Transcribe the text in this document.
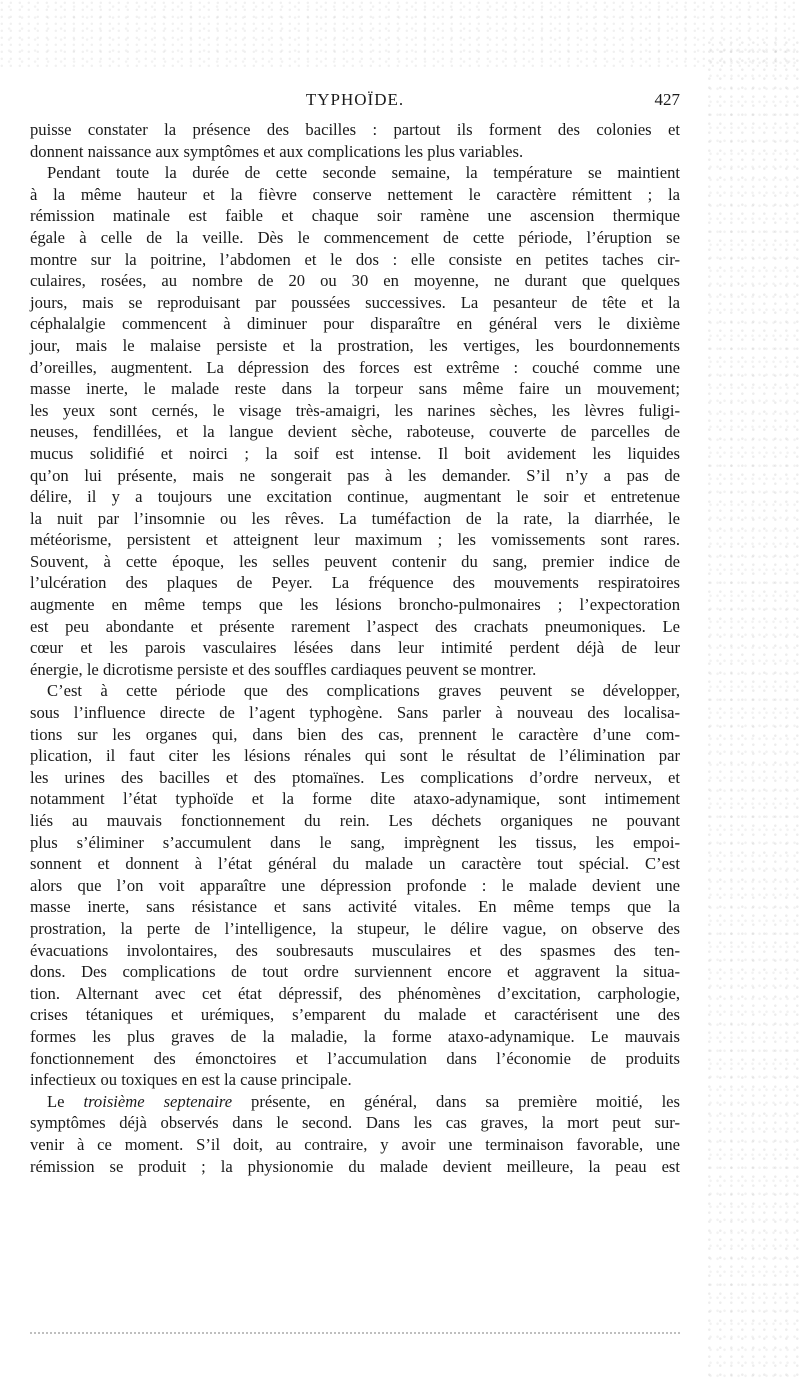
TYPHOÏDE.	427
puisse constater la présence des bacilles : partout ils forment des colonies et
donnent naissance aux symptômes et aux complications les plus variables.
Pendant toute la durée de cette seconde semaine, la température se maintient
à la même hauteur et la fièvre conserve nettement le caractère rémittent ; la
rémission matinale est faible et chaque soir ramène une ascension thermique
égale à celle de la veille. Dès le commencement de cette période, l’éruption se
montre sur la poitrine, l’abdomen et le dos : elle consiste en petites taches cir-
culaires, rosées, au nombre de 20 ou 30 en moyenne, ne durant que quelques
jours, mais se reproduisant par poussées successives. La pesanteur de tête et la
céphalalgie commencent à diminuer pour disparaître en général vers le dixième
jour, mais le malaise persiste et la prostration, les vertiges, les bourdonnements
d’oreilles, augmentent. La dépression des forces est extrême : couché comme une
masse inerte, le malade reste dans la torpeur sans même faire un mouvement;
les yeux sont cernés, le visage très-amaigri, les narines sèches, les lèvres fuligi-
neuses, fendillées, et la langue devient sèche, raboteuse, couverte de parcelles de
mucus solidifié et noirci ; la soif est intense. Il boit avidement les liquides
qu’on lui présente, mais ne songerait pas à les demander. S’il n’y a pas de
délire, il y a toujours une excitation continue, augmentant le soir et entretenue
la nuit par l’insomnie ou les rêves. La tuméfaction de la rate, la diarrhée, le
météorisme, persistent et atteignent leur maximum ; les vomissements sont rares.
Souvent, à cette époque, les selles peuvent contenir du sang, premier indice de
l’ulcération des plaques de Peyer. La fréquence des mouvements respiratoires
augmente en même temps que les lésions broncho-pulmonaires ; l’expectoration
est peu abondante et présente rarement l’aspect des crachats pneumoniques. Le
cœur et les parois vasculaires lésées dans leur intimité perdent déjà de leur
énergie, le dicrotisme persiste et des souffles cardiaques peuvent se montrer.
C’est à cette période que des complications graves peuvent se développer,
sous l’influence directe de l’agent typhogène. Sans parler à nouveau des localisa-
tions sur les organes qui, dans bien des cas, prennent le caractère d’une com-
plication, il faut citer les lésions rénales qui sont le résultat de l’élimination par
les urines des bacilles et des ptomaïnes. Les complications d’ordre nerveux, et
notamment l’état typhoïde et la forme dite ataxo-adynamique, sont intimement
liés au mauvais fonctionnement du rein. Les déchets organiques ne pouvant
plus s’éliminer s’accumulent dans le sang, imprègnent les tissus, les empoi-
sonnent et donnent à l’état général du malade un caractère tout spécial. C’est
alors que l’on voit apparaître une dépression profonde : le malade devient une
masse inerte, sans résistance et sans activité vitales. En même temps que la
prostration, la perte de l’intelligence, la stupeur, le délire vague, on observe des
évacuations involontaires, des soubresauts musculaires et des spasmes des ten-
dons. Des complications de tout ordre surviennent encore et aggravent la situa-
tion. Alternant avec cet état dépressif, des phénomènes d’excitation, carphologie,
crises tétaniques et urémiques, s’emparent du malade et caractérisent une des
formes les plus graves de la maladie, la forme ataxo-adynamique. Le mauvais
fonctionnement des émonctoires et l’accumulation dans l’économie de produits
infectieux ou toxiques en est la cause principale.
Le troisième septenaire présente, en général, dans sa première moitié, les
symptômes déjà observés dans le second. Dans les cas graves, la mort peut sur-
venir à ce moment. S’il doit, au contraire, y avoir une terminaison favorable, une
rémission se produit ; la physionomie du malade devient meilleure, la peau est
